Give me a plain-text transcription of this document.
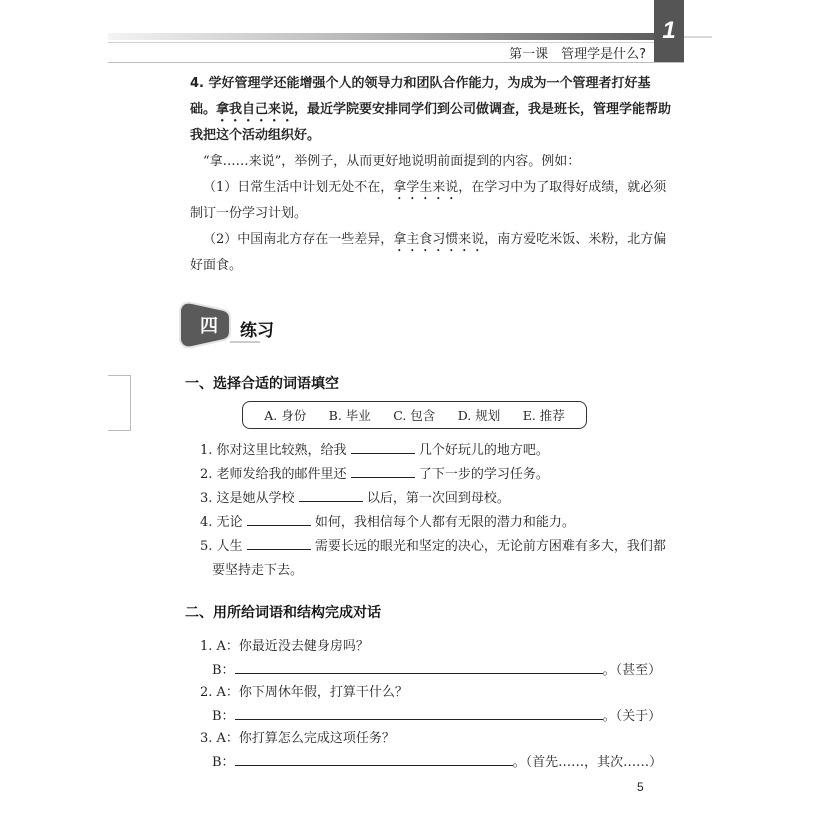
1
第一课　管理学是什么?
4. 学好管理学还能增强个人的领导力和团队合作能力，为成为一个管理者打好基
础。拿我自己来说，最近学院要安排同学们到公司做调查，我是班长，管理学能帮助
我把这个活动组织好。
“拿……来说”，举例子，从而更好地说明前面提到的内容。例如：
（1）日常生活中计划无处不在，拿学生来说，在学习中为了取得好成绩，就必须
制订一份学习计划。
（2）中国南北方存在一些差异，拿主食习惯来说，南方爱吃米饭、米粉，北方偏
好面食。
四 练习
一、选择合适的词语填空
A. 身份 B. 毕业 C. 包含 D. 规划 E. 推荐
1. 你对这里比较熟，给我	几个好玩儿的地方吧。
2. 老师发给我的邮件里还	了下一步的学习任务。
3. 这是她从学校	以后，第一次回到母校。
4. 无论	如何，我相信每个人都有无限的潜力和能力。
5. 人生	需要长远的眼光和坚定的决心，无论前方困难有多大，我们都
要坚持走下去。
二、用所给词语和结构完成对话
1. A：你最近没去健身房吗？
B：	。（甚至）
2. A：你下周休年假，打算干什么？
B：	。（关于）
3. A：你打算怎么完成这项任务？
B：	。（首先……，其次……）
5
